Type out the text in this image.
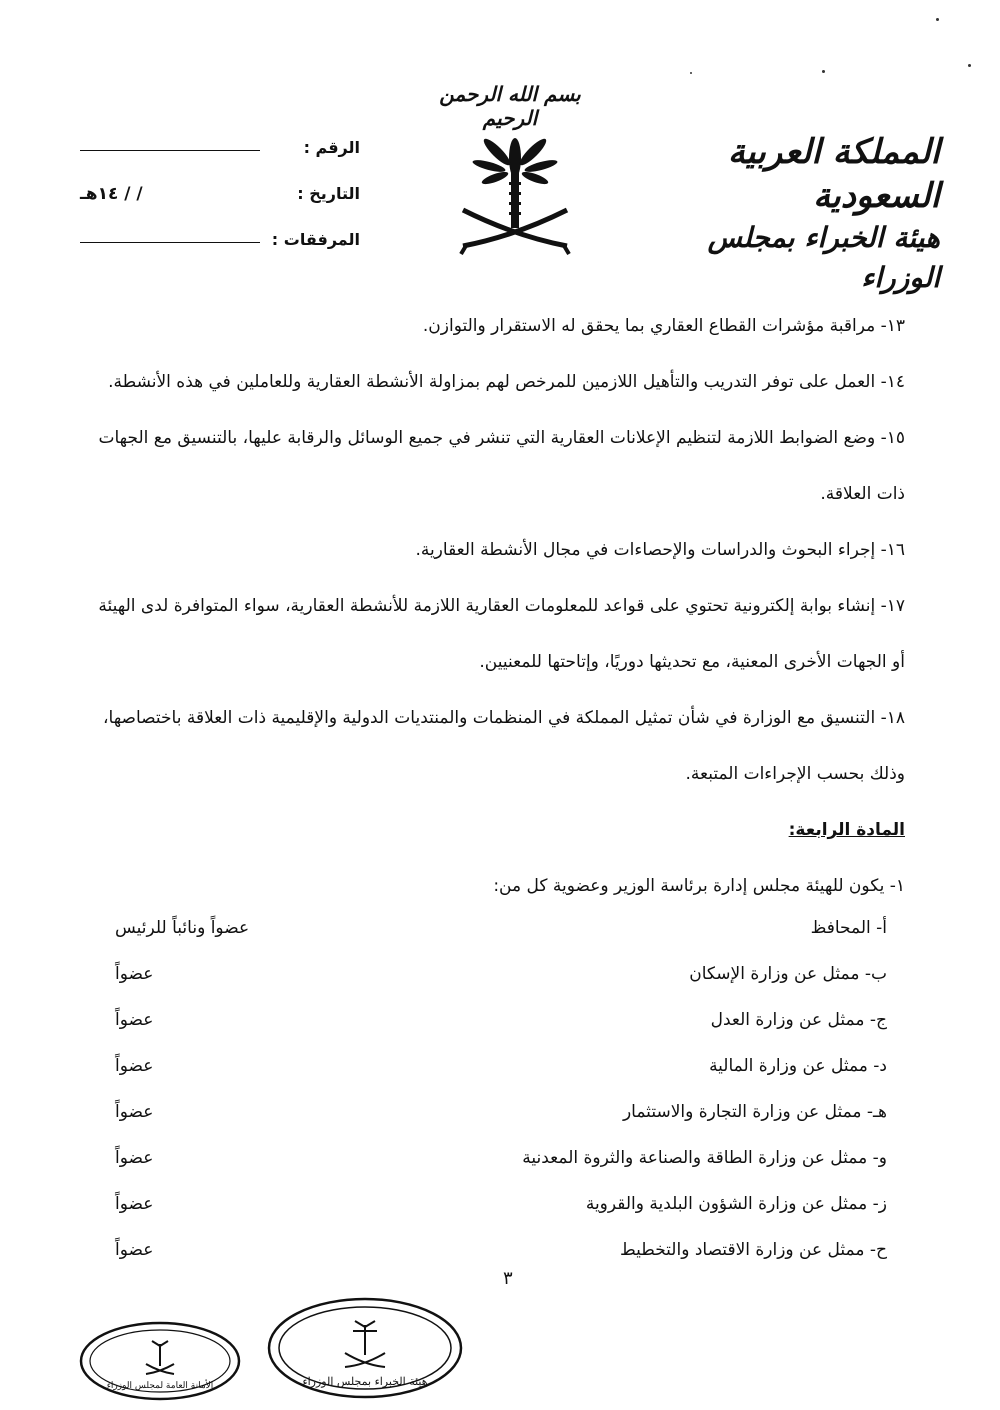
المملكة العربية السعودية
هيئة الخبراء بمجلس الوزراء
بسم الله الرحمن الرحيم
الرقم :
التاريخ :
/ / ١٤هـ
المرفقات :
١٣- مراقبة مؤشرات القطاع العقاري بما يحقق له الاستقرار والتوازن.
١٤- العمل على توفر التدريب والتأهيل اللازمين للمرخص لهم بمزاولة الأنشطة العقارية وللعاملين في هذه الأنشطة.
١٥- وضع الضوابط اللازمة لتنظيم الإعلانات العقارية التي تنشر في جميع الوسائل والرقابة عليها، بالتنسيق مع الجهات ذات العلاقة.
١٦- إجراء البحوث والدراسات والإحصاءات في مجال الأنشطة العقارية.
١٧- إنشاء بوابة إلكترونية تحتوي على قواعد للمعلومات العقارية اللازمة للأنشطة العقارية، سواء المتوافرة لدى الهيئة أو الجهات الأخرى المعنية، مع تحديثها دوريًا، وإتاحتها للمعنيين.
١٨- التنسيق مع الوزارة في شأن تمثيل المملكة في المنظمات والمنتديات الدولية والإقليمية ذات العلاقة باختصاصها، وذلك بحسب الإجراءات المتبعة.
المادة الرابعة:
١- يكون للهيئة مجلس إدارة برئاسة الوزير وعضوية كل من:
أ- المحافظ
عضواً ونائباً للرئيس
ب- ممثل عن وزارة الإسكان
عضواً
ج- ممثل عن وزارة العدل
عضواً
د- ممثل عن وزارة المالية
عضواً
هـ- ممثل عن وزارة التجارة والاستثمار
عضواً
و- ممثل عن وزارة الطاقة والصناعة والثروة المعدنية
عضواً
ز- ممثل عن وزارة الشؤون البلدية والقروية
عضواً
ح- ممثل عن وزارة الاقتصاد والتخطيط
عضواً
٣
هيئة الخبراء بمجلس الوزراء
الأمانة العامة لمجلس الوزراء
